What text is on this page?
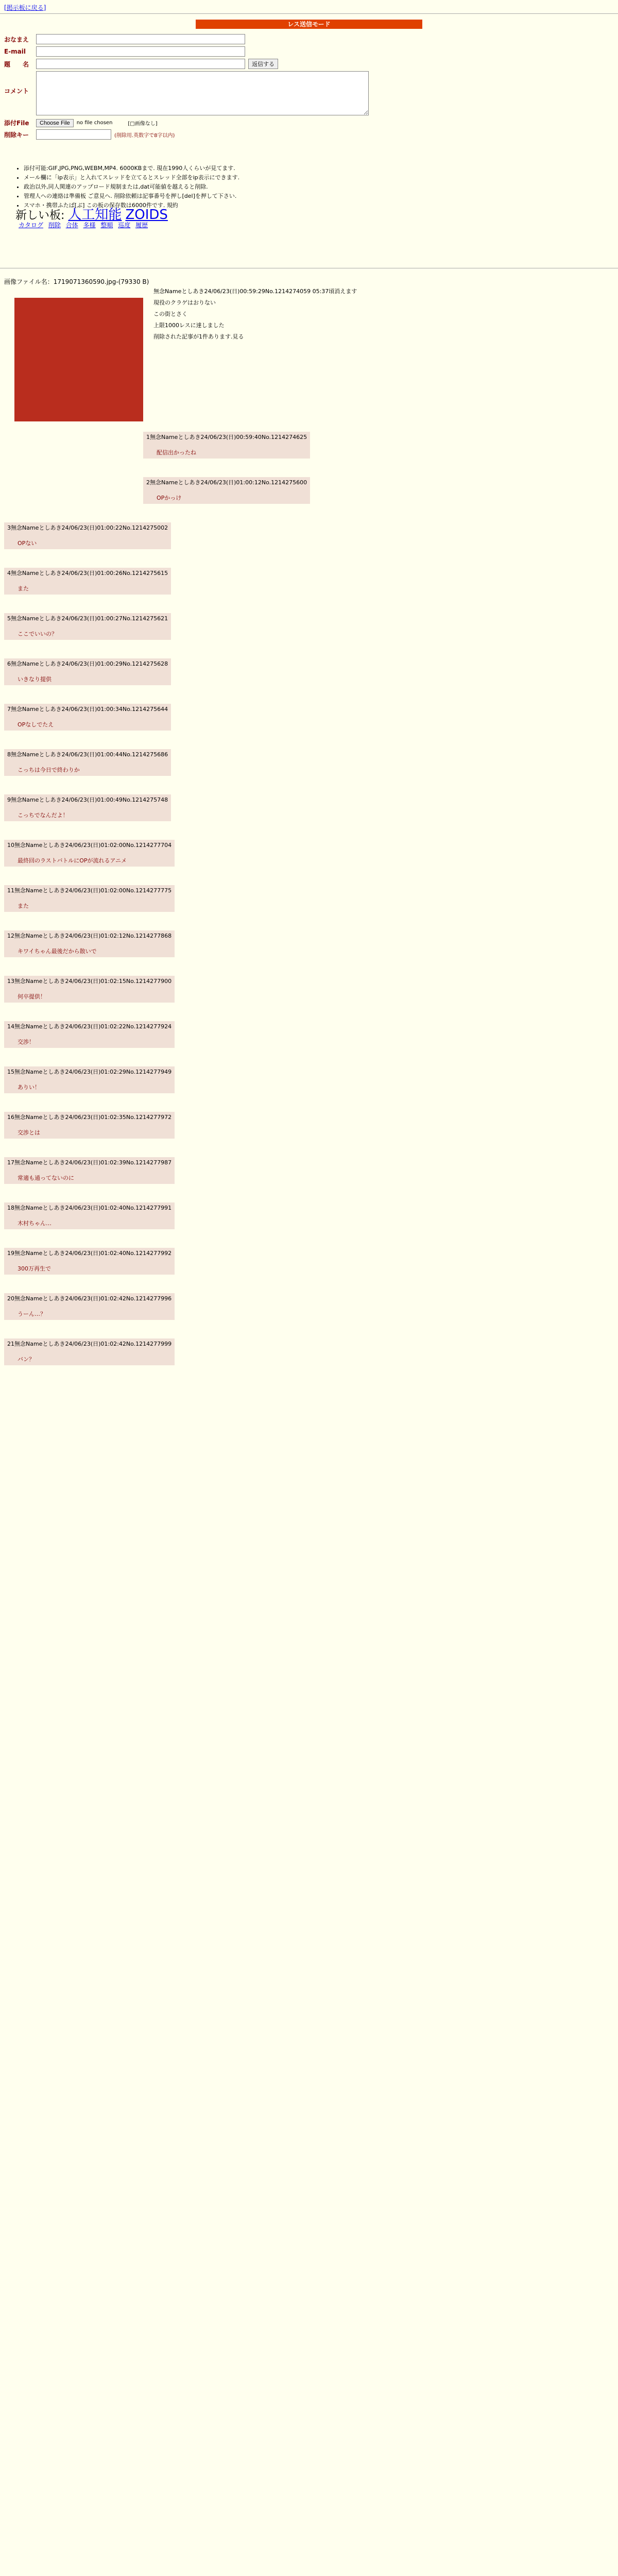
[掲示板に戻る]
レス送信モード
おなまえ
E-mail
題　　名	返信する
コメント
添付File	Choose File	no file chosen	[□画像なし]
削除キー	(削除用.英数字で8字以内)
• 添付可能:GIF,JPG,PNG,WEBM,MP4. 6000KBまで. 現在1990人くらいが見てます.
• メール欄に「ip表示」と入れてスレッドを立てるとスレッド全部をip表示にできます.
• 政治以外,同人関連のアップロード規制または,dat可能値を越えると削除.
• 管理人への連絡は準備板 ご意見へ. 削除依頼は記事番号を押し[del]を押して下さい.
• スマホ・携帯ふたば[ぶ] この板の保存数は6000件です. 規約
新しい板: 人工知能 ZOIDS
カタログ 削除 合体 多様 整順 巡度 履歴
画像ファイル名：1719071360590.jpg-(79330 B)

無念Nameとしあき24/06/23(日)00:59:29No.1214274059 05:37頃消えます

現役のクラゲはおりない

この街とさく

上限1000レスに達しました

削除された記事が1件あります.見る

1無念Nameとしあき24/06/23(日)00:59:40No.1214274625
配信出かったね
2無念Nameとしあき24/06/23(日)01:00:12No.1214275600
OPかっけ
3無念Nameとしあき24/06/23(日)01:00:22No.1214275002
OPない
4無念Nameとしあき24/06/23(日)01:00:26No.1214275615
また
5無念Nameとしあき24/06/23(日)01:00:27No.1214275621
ここでいいの？
6無念Nameとしあき24/06/23(日)01:00:29No.1214275628
いきなり提供
7無念Nameとしあき24/06/23(日)01:00:34No.1214275644
OPなしでたえ
8無念Nameとしあき24/06/23(日)01:00:44No.1214275686
こっちは今日で終わりか
9無念Nameとしあき24/06/23(日)01:00:49No.1214275748
こっちでなんだよ！
10無念Nameとしあき24/06/23(日)01:02:00No.1214277704
最終回のラストバトルにOPが流れるアニメ
11無念Nameとしあき24/06/23(日)01:02:00No.1214277775
また
12無念Nameとしあき24/06/23(日)01:02:12No.1214277868
キワイちゃん最後だから散いで
13無念Nameとしあき24/06/23(日)01:02:15No.1214277900
何卒提供！
14無念Nameとしあき24/06/23(日)01:02:22No.1214277924
交渉！
15無念Nameとしあき24/06/23(日)01:02:29No.1214277949
ありい！
16無念Nameとしあき24/06/23(日)01:02:35No.1214277972
交渉とは
17無念Nameとしあき24/06/23(日)01:02:39No.1214277987
常適も通ってないのに
18無念Nameとしあき24/06/23(日)01:02:40No.1214277991
木村ちゃん…
19無念Nameとしあき24/06/23(日)01:02:40No.1214277992
300万再生で
20無念Nameとしあき24/06/23(日)01:02:42No.1214277996
うーん…？
21無念Nameとしあき24/06/23(日)01:02:42No.1214277999
バン？
